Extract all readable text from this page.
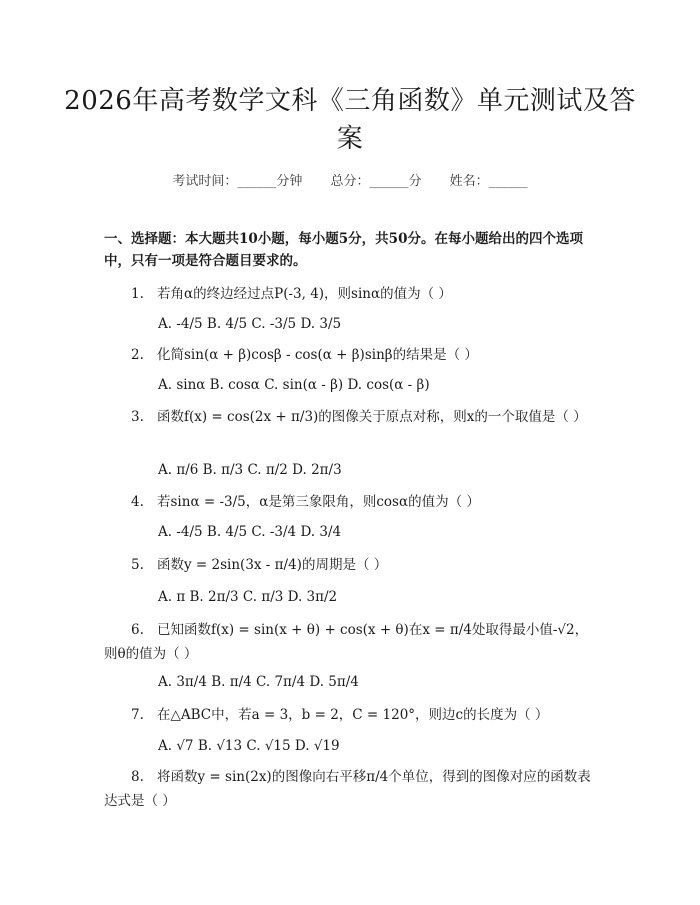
2026年高考数学文科《三角函数》单元测试及答案
考试时间：______分钟 总分：______分 姓名：______
一、选择题：本大题共10小题，每小题5分，共50分。在每小题给出的四个选项中，只有一项是符合题目要求的。
1. 若角α的终边经过点P(-3, 4)，则sinα的值为（ ）
A. -4/5 B. 4/5 C. -3/5 D. 3/5
2. 化简sin(α + β)cosβ - cos(α + β)sinβ的结果是（ ）
A. sinα B. cosα C. sin(α - β) D. cos(α - β)
3. 函数f(x) = cos(2x + π/3)的图像关于原点对称，则x的一个取值是（ ）
A. π/6 B. π/3 C. π/2 D. 2π/3
4. 若sinα = -3/5，α是第三象限角，则cosα的值为（ ）
A. -4/5 B. 4/5 C. -3/4 D. 3/4
5. 函数y = 2sin(3x - π/4)的周期是（ ）
A. π B. 2π/3 C. π/3 D. 3π/2
6. 已知函数f(x) = sin(x + θ) + cos(x + θ)在x = π/4处取得最小值-√2，则θ的值为（ ）
A. 3π/4 B. π/4 C. 7π/4 D. 5π/4
7. 在△ABC中，若a = 3，b = 2，C = 120°，则边c的长度为（ ）
A. √7 B. √13 C. √15 D. √19
8. 将函数y = sin(2x)的图像向右平移π/4个单位，得到的图像对应的函数表达式是（ ）
